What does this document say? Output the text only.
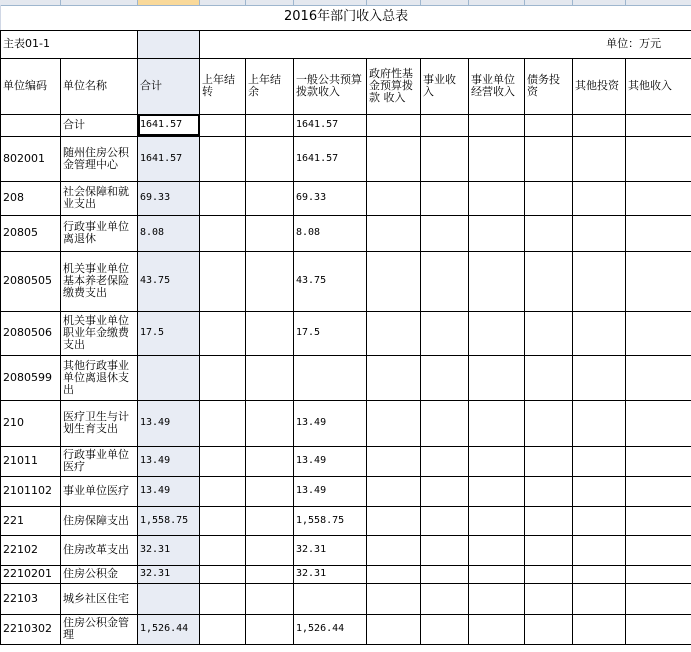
2016年部门收入总表											
主表01-1			单位：万元								
单位编码	单位名称	合计	上年结转	上年结余	一般公共预算拨款收入	政府性基金预算拨款 收入	事业收入	事业单位经营收入	债务投资	其他投资	其他收入
	合计	1641.57			1641.57						
802001	随州住房公积金管理中心	1641.57			1641.57						
208	社会保障和就业支出	69.33			69.33						
20805	行政事业单位离退休	8.08			8.08						
2080505	机关事业单位基本养老保险缴费支出	43.75			43.75						
2080506	机关事业单位职业年金缴费支出	17.5			17.5						
2080599	其他行政事业单位离退休支出										
210	医疗卫生与计划生育支出	13.49			13.49						
21011	行政事业单位医疗	13.49			13.49						
2101102	事业单位医疗	13.49			13.49						
221	住房保障支出	1,558.75			1,558.75						
22102	住房改革支出	32.31			32.31						
2210201	住房公积金	32.31			32.31						
22103	城乡社区住宅										
2210302	住房公积金管理	1,526.44			1,526.44						
